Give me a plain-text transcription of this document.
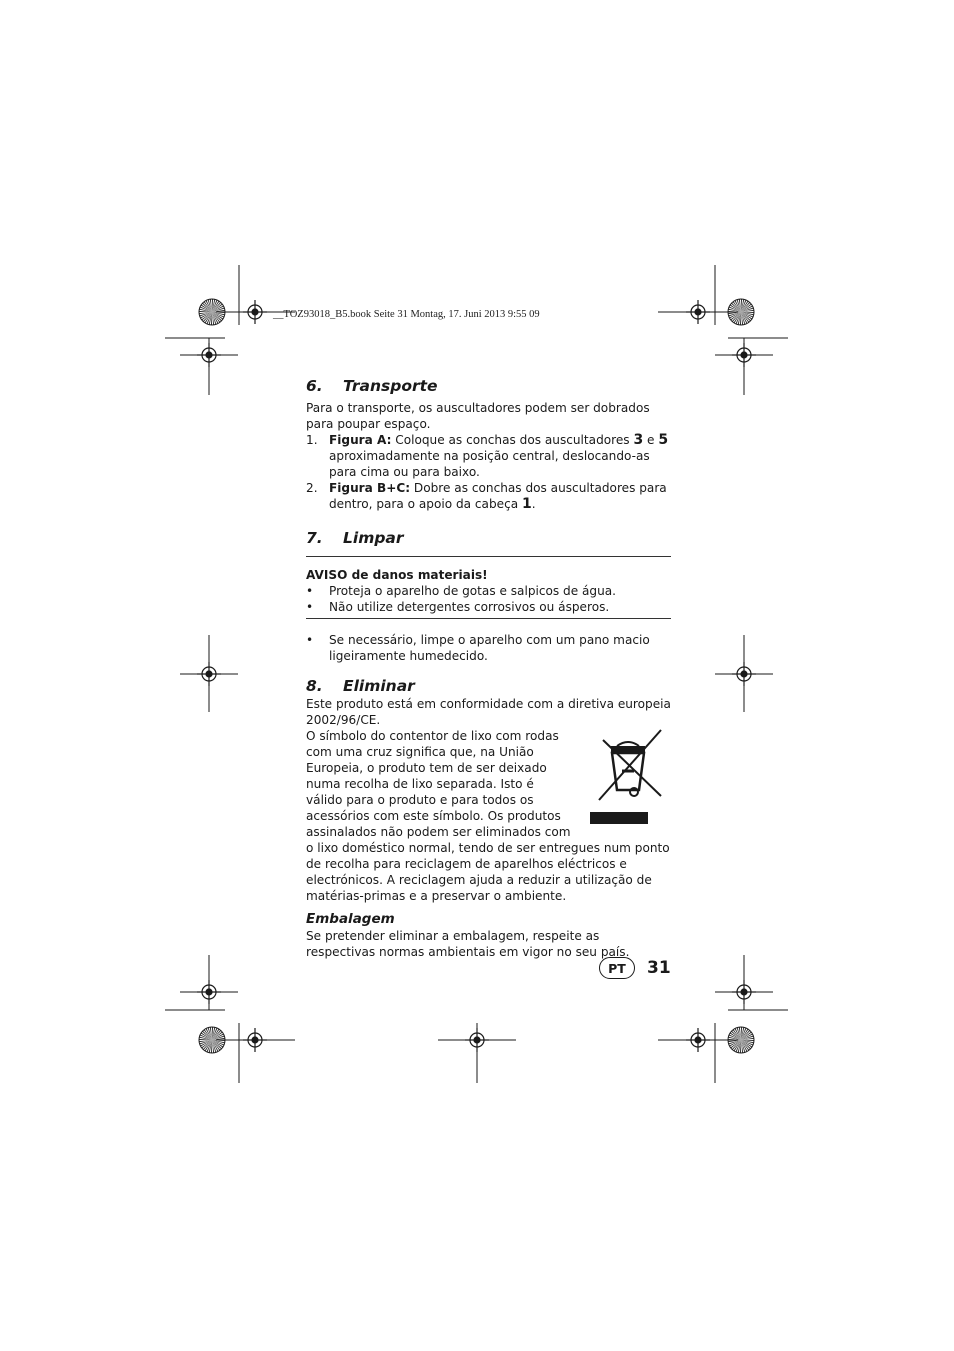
__TOZ93018_B5.book Seite 31 Montag, 17. Juni 2013 9:55 09
6.	Transporte

Para o transporte, os auscultadores podem ser dobrados para poupar espaço.

1. Figura A: Coloque as conchas dos auscultadores 3 e 5 aproximadamente na posição central, deslocando-as para cima ou para baixo.
2. Figura B+C: Dobre as conchas dos auscultadores para dentro, para o apoio da cabeça 1.
7.	Limpar
AVISO de danos materiais!
•	Proteja o aparelho de gotas e salpicos de água.
•	Não utilize detergentes corrosivos ou ásperos.
•	Se necessário, limpe o aparelho com um pano macio ligeiramente humedecido.
8.	Eliminar

Este produto está em conformidade com a diretiva europeia 2002/96/CE.

O símbolo do contentor de lixo com rodas com uma cruz significa que, na União Europeia, o produto tem de ser deixado numa recolha de lixo separada. Isto é válido para o produto e para todos os acessórios com este símbolo. Os produtos assinalados não podem ser eliminados com o lixo doméstico normal, tendo de ser entregues num ponto de recolha para reciclagem de aparelhos eléctricos e electrónicos. A reciclagem ajuda a reduzir a utilização de matérias-primas e a preservar o ambiente.

Embalagem

Se pretender eliminar a embalagem, respeite as respectivas normas ambientais em vigor no seu país.

PT	31
